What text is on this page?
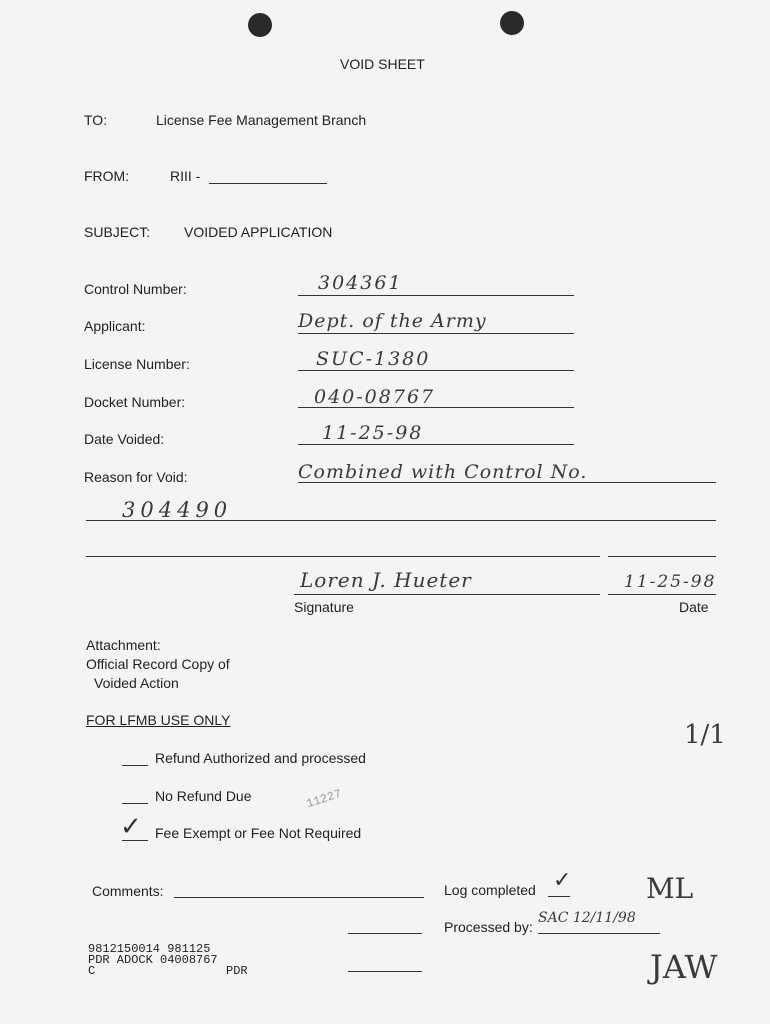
VOID SHEET
TO:	License Fee Management Branch
FROM:	RIII -
SUBJECT: VOIDED APPLICATION
Control Number:	304361
Applicant:	Dept. of the Army
License Number:	SUC-1380
Docket Number:	040-08767
Date Voided:	11-25-98
Reason for Void:	Combined with Control No.
304490
Loren J. Hueter	11-25-98
Signature	Date
Attachment:
Official Record Copy of
Voided Action
FOR LFMB USE ONLY
Refund Authorized and processed
No Refund Due	11227
✓ Fee Exempt or Fee Not Required
1/1
Comments:	Log completed ✓
Processed by:
SAC 12/11/98
ML
JAW
9812150014 981125
PDR ADOCK 04008767
C	PDR
